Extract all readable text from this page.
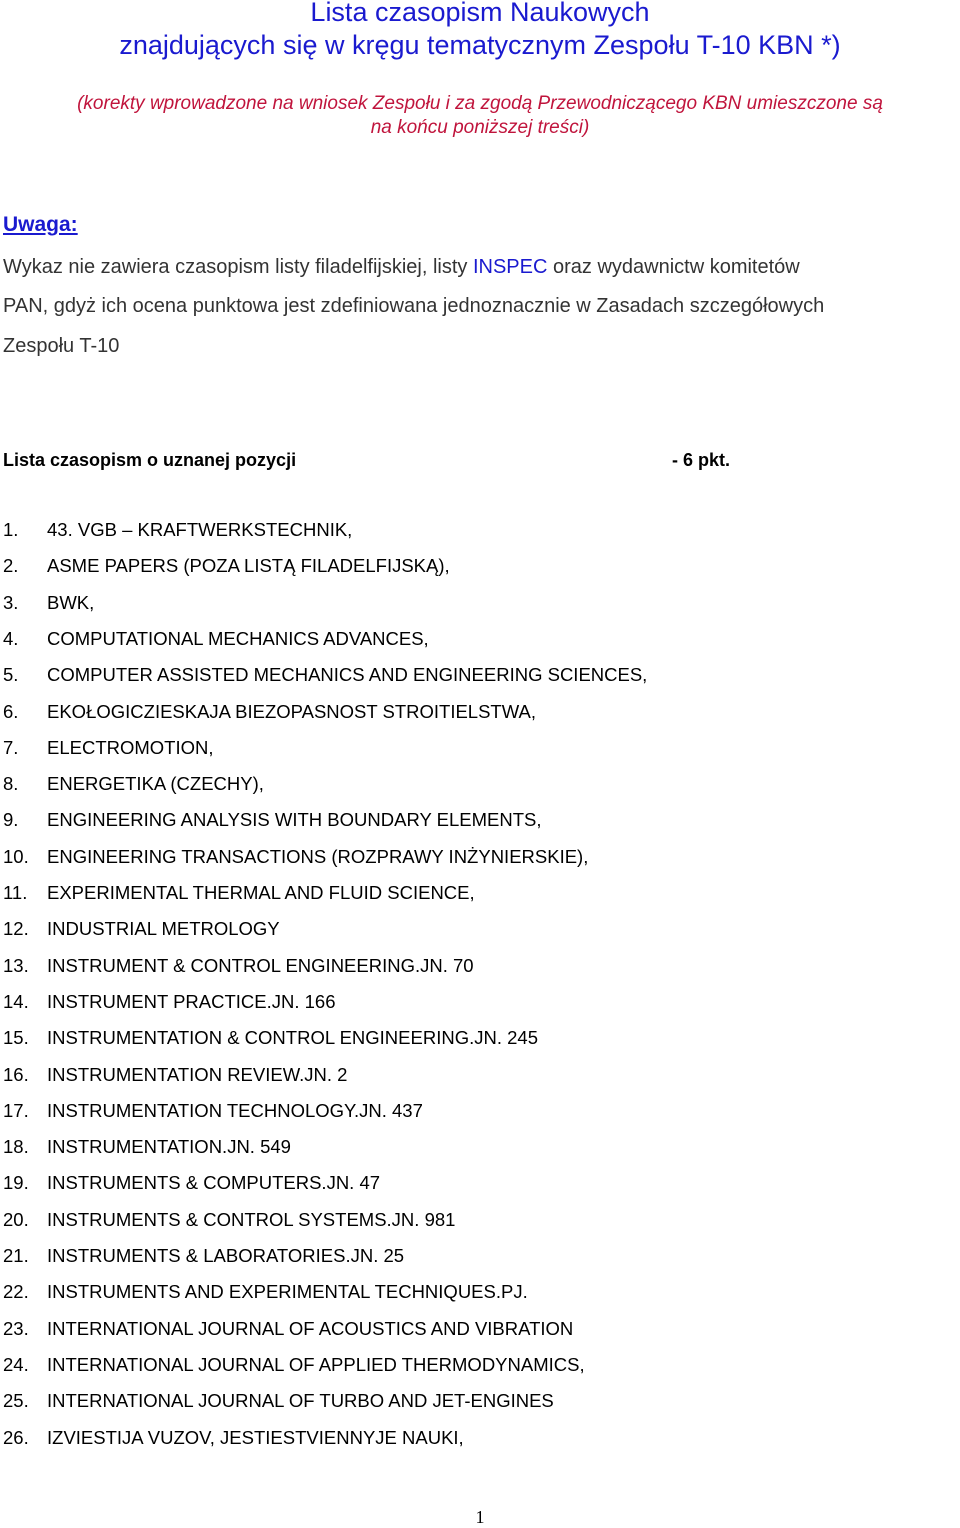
Lista czasopism Naukowych
znajdujących się w kręgu tematycznym Zespołu T-10 KBN *)
(korekty wprowadzone na wniosek Zespołu i za zgodą Przewodniczącego KBN umieszczone są
na końcu poniższej treści)
Uwaga:
Wykaz nie zawiera czasopism listy filadelfijskiej, listy INSPEC oraz wydawnictw komitetów
PAN, gdyż ich ocena punktowa jest zdefiniowana jednoznacznie w Zasadach szczegółowych
Zespołu T-10
Lista czasopism o uznanej pozycji	- 6 pkt.
1. 43. VGB – KRAFTWERKSTECHNIK,
2. ASME PAPERS (POZA LISTĄ FILADELFIJSKĄ),
3. BWK,
4. COMPUTATIONAL MECHANICS ADVANCES,
5. COMPUTER ASSISTED MECHANICS AND ENGINEERING SCIENCES,
6. EKOŁOGICZIESKAJA BIEZOPASNOST STROITIELSTWA,
7. ELECTROMOTION,
8. ENERGETIKA (CZECHY),
9. ENGINEERING ANALYSIS WITH BOUNDARY ELEMENTS,
10. ENGINEERING TRANSACTIONS (ROZPRAWY INŻYNIERSKIE),
11. EXPERIMENTAL THERMAL AND FLUID SCIENCE,
12. INDUSTRIAL METROLOGY
13. INSTRUMENT & CONTROL ENGINEERING.JN. 70
14. INSTRUMENT PRACTICE.JN. 166
15. INSTRUMENTATION & CONTROL ENGINEERING.JN. 245
16. INSTRUMENTATION REVIEW.JN. 2
17. INSTRUMENTATION TECHNOLOGY.JN. 437
18. INSTRUMENTATION.JN. 549
19. INSTRUMENTS & COMPUTERS.JN. 47
20. INSTRUMENTS & CONTROL SYSTEMS.JN. 981
21. INSTRUMENTS & LABORATORIES.JN. 25
22. INSTRUMENTS AND EXPERIMENTAL TECHNIQUES.PJ.
23. INTERNATIONAL JOURNAL OF ACOUSTICS AND VIBRATION
24. INTERNATIONAL JOURNAL OF APPLIED THERMODYNAMICS,
25. INTERNATIONAL JOURNAL OF TURBO AND JET-ENGINES
26. IZVIESTIJA VUZOV, JESTIESTVIENNYJE NAUKI,
1
